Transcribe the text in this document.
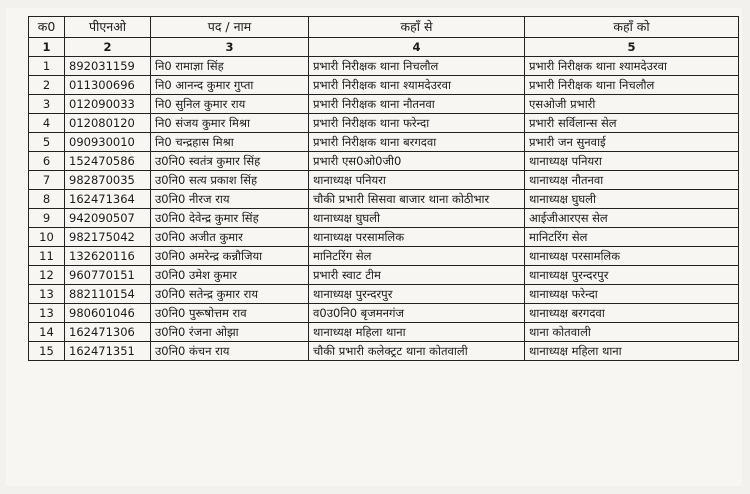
क0	पीएनओ	पद / नाम	कहाँ से	कहाँ को
1	2	3	4	5
1	892031159	नि0 रामाज्ञा सिंह	प्रभारी निरीक्षक थाना निचलौल	प्रभारी निरीक्षक थाना श्यामदेउरवा
2	011300696	नि0 आनन्द कुमार गुप्ता	प्रभारी निरीक्षक थाना श्यामदेउरवा	प्रभारी निरीक्षक थाना निचलौल
3	012090033	नि0 सुनिल कुमार राय	प्रभारी निरीक्षक थाना नौतनवा	एसओजी प्रभारी
4	012080120	नि0 संजय कुमार मिश्रा	प्रभारी निरीक्षक थाना फरेन्दा	प्रभारी सर्विलान्स सेल
5	090930010	नि0 चन्द्रहास मिश्रा	प्रभारी निरीक्षक थाना बरगदवा	प्रभारी जन सुनवाई
6	152470586	उ0नि0 स्वतंत्र कुमार सिंह	प्रभारी एस0ओ0जी0	थानाध्यक्ष पनियरा
7	982870035	उ0नि0 सत्य प्रकाश सिंह	थानाध्यक्ष पनियरा	थानाध्यक्ष नौतनवा
8	162471364	उ0नि0 नीरज राय	चौकी प्रभारी सिसवा बाजार थाना कोठीभार	थानाध्यक्ष घुघली
9	942090507	उ0नि0 देवेन्द्र कुमार सिंह	थानाध्यक्ष घुघली	आईजीआरएस सेल
10	982175042	उ0नि0 अजीत कुमार	थानाध्यक्ष परसामलिक	मानिटरिंग सेल
11	132620116	उ0नि0 अमरेन्द्र कन्नौजिया	मानिटरिंग सेल	थानाध्यक्ष परसामलिक
12	960770151	उ0नि0 उमेश कुमार	प्रभारी स्वाट टीम	थानाध्यक्ष पुरन्दरपुर
13	882110154	उ0नि0 सतेन्द्र कुमार राय	थानाध्यक्ष पुरन्दरपुर	थानाध्यक्ष फरेन्दा
13	980601046	उ0नि0 पुरूषोत्तम राव	व0उ0नि0 बृजमनगंज	थानाध्यक्ष बरगदवा
14	162471306	उ0नि0 रंजना ओझा	थानाध्यक्ष महिला थाना	थाना कोतवाली
15	162471351	उ0नि0 कंचन राय	चौकी प्रभारी कलेक्ट्रट थाना कोतवाली	थानाध्यक्ष महिला थाना
